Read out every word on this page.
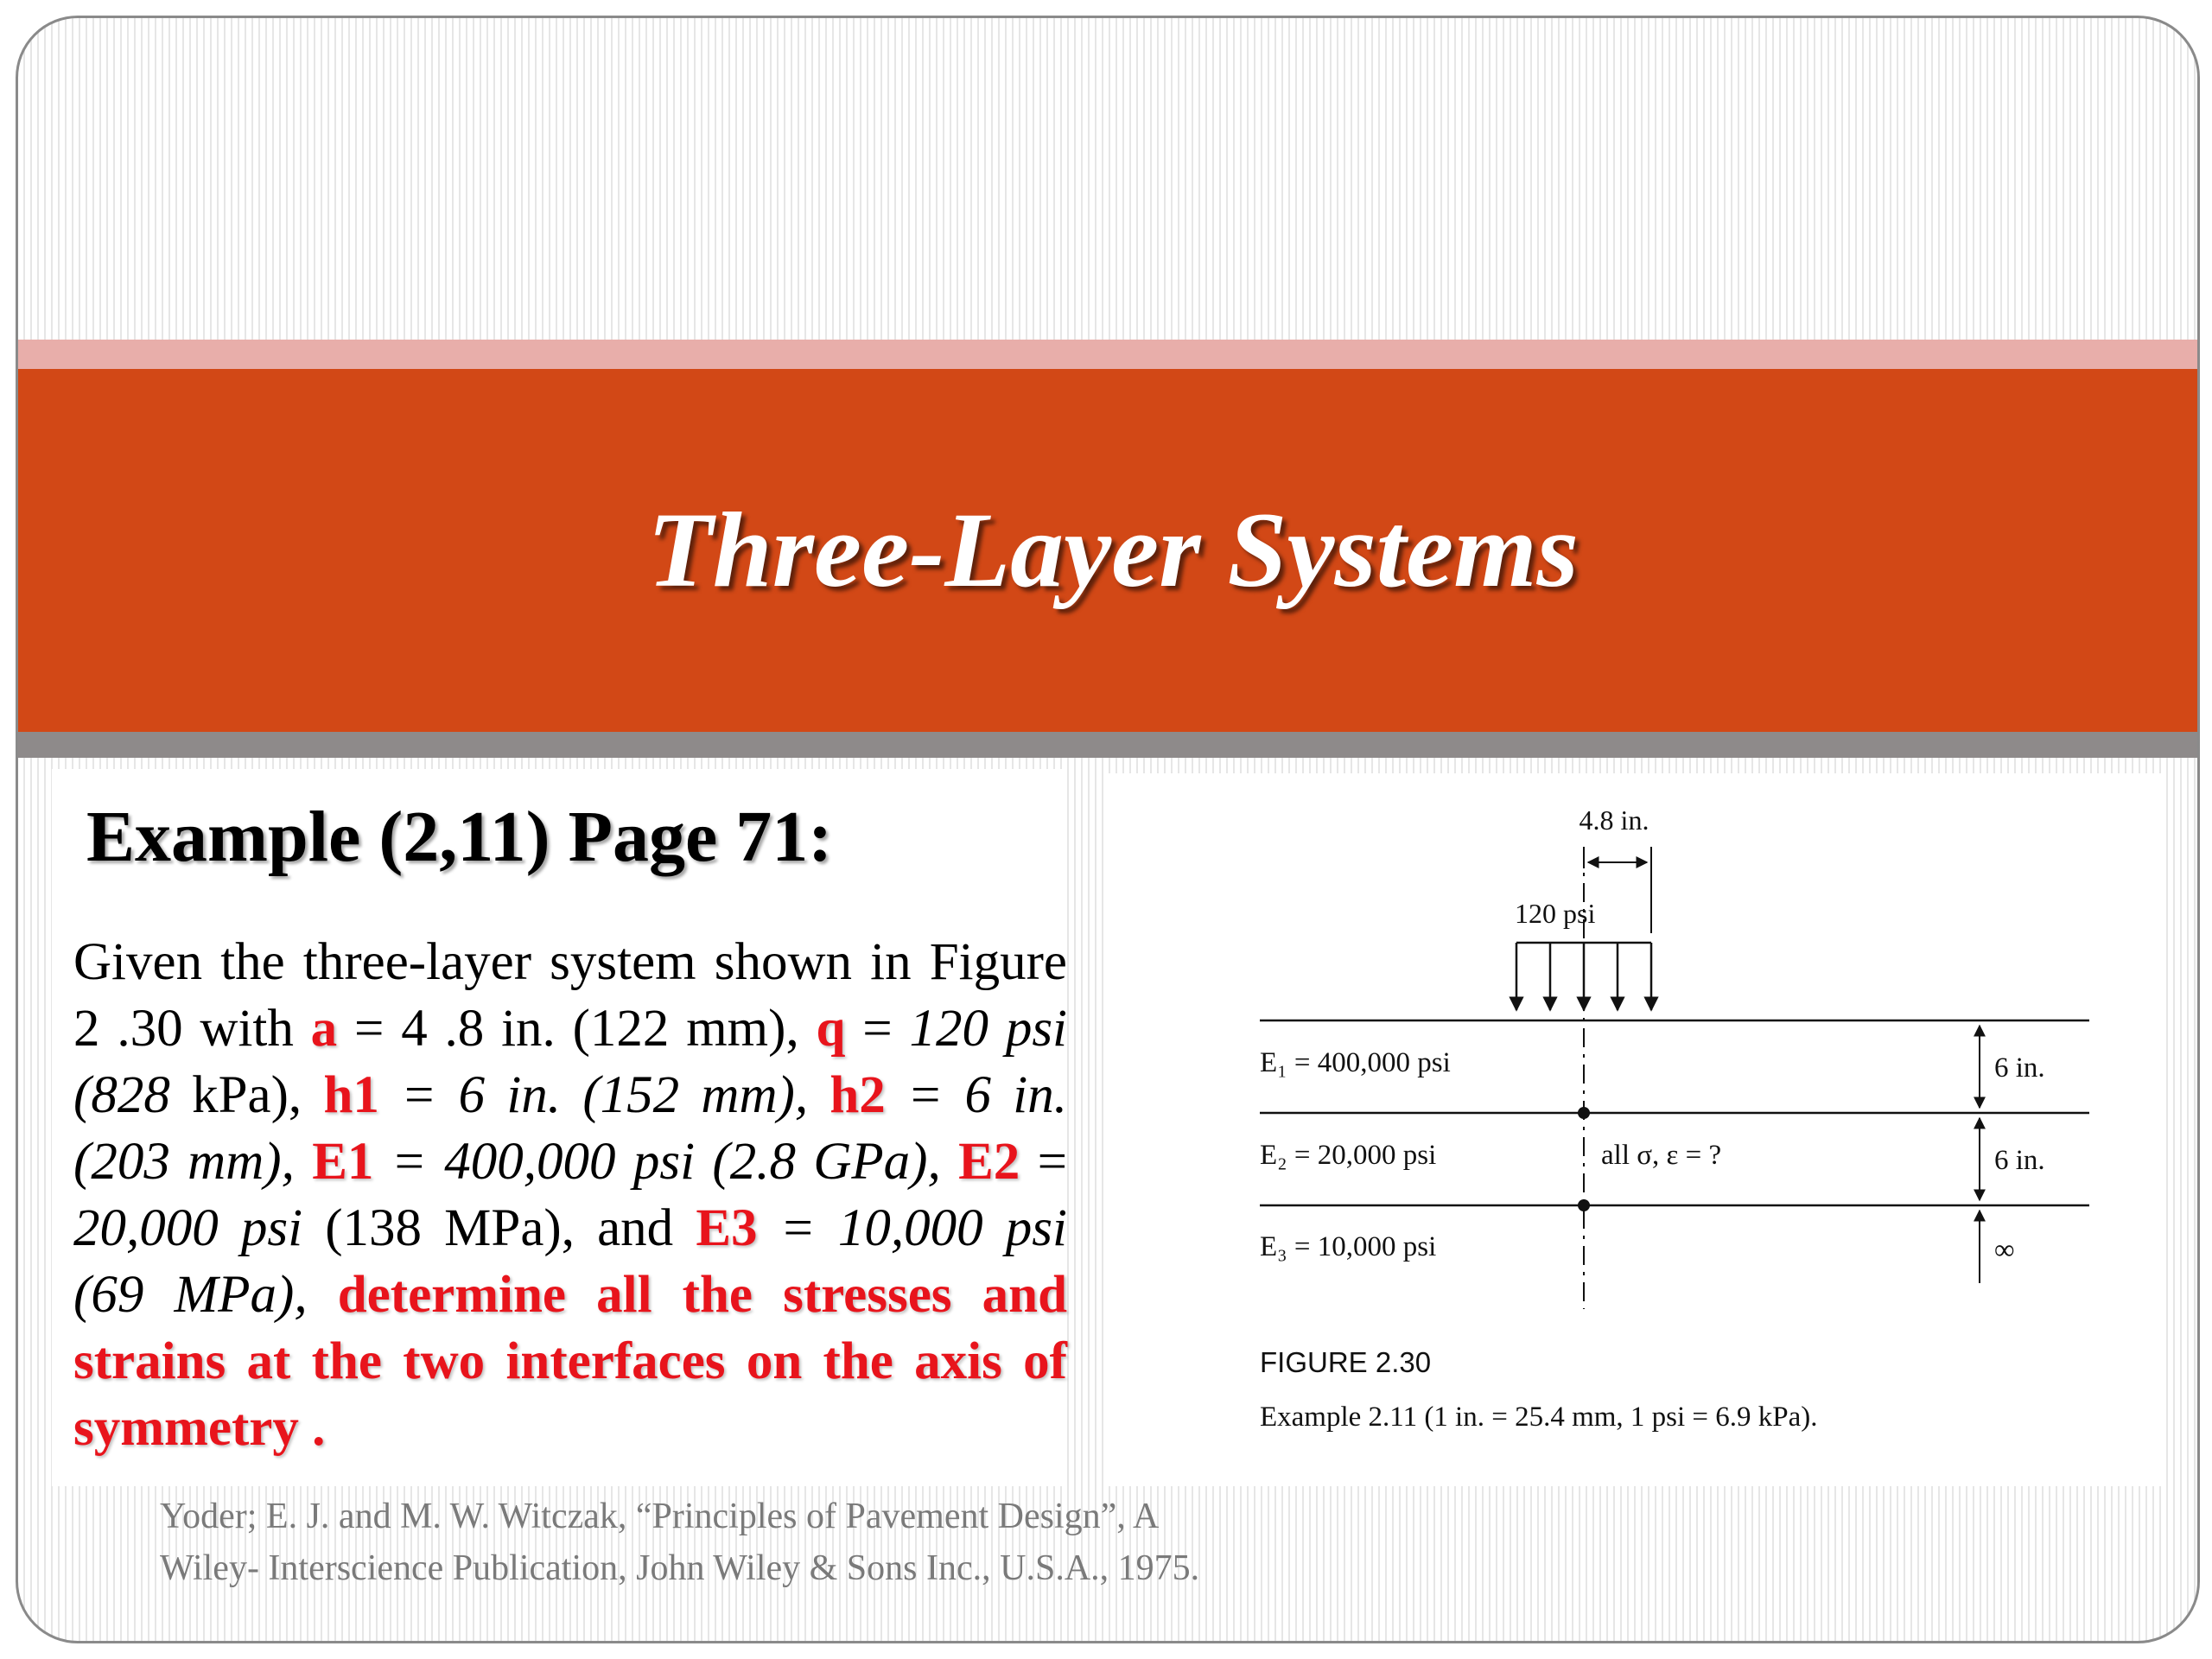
Three-Layer Systems
Example (2,11) Page 71:
Given the three-layer system shown in Figure 2 .30 with a = 4 .8 in. (122 mm), q = 120 psi (828 kPa), h1 = 6 in. (152 mm), h2 = 6 in. (203 mm), E1 = 400,000 psi (2.8 GPa), E2 = 20,000 psi (138 MPa), and E3 = 10,000 psi (69 MPa), determine all the stresses and strains at the two interfaces on the axis of symmetry .
4.8 in.
120 psi
E₁ = 400,000 psi
E₂ = 20,000 psi
E₃ = 10,000 psi
all σ, ε = ?
6 in.
6 in.
∞
FIGURE 2.30
Example 2.11 (1 in. = 25.4 mm, 1 psi = 6.9 kPa).
Yoder; E. J. and M. W. Witczak, “Principles of Pavement Design”, A
Wiley- Interscience Publication, John Wiley & Sons Inc., U.S.A., 1975.
